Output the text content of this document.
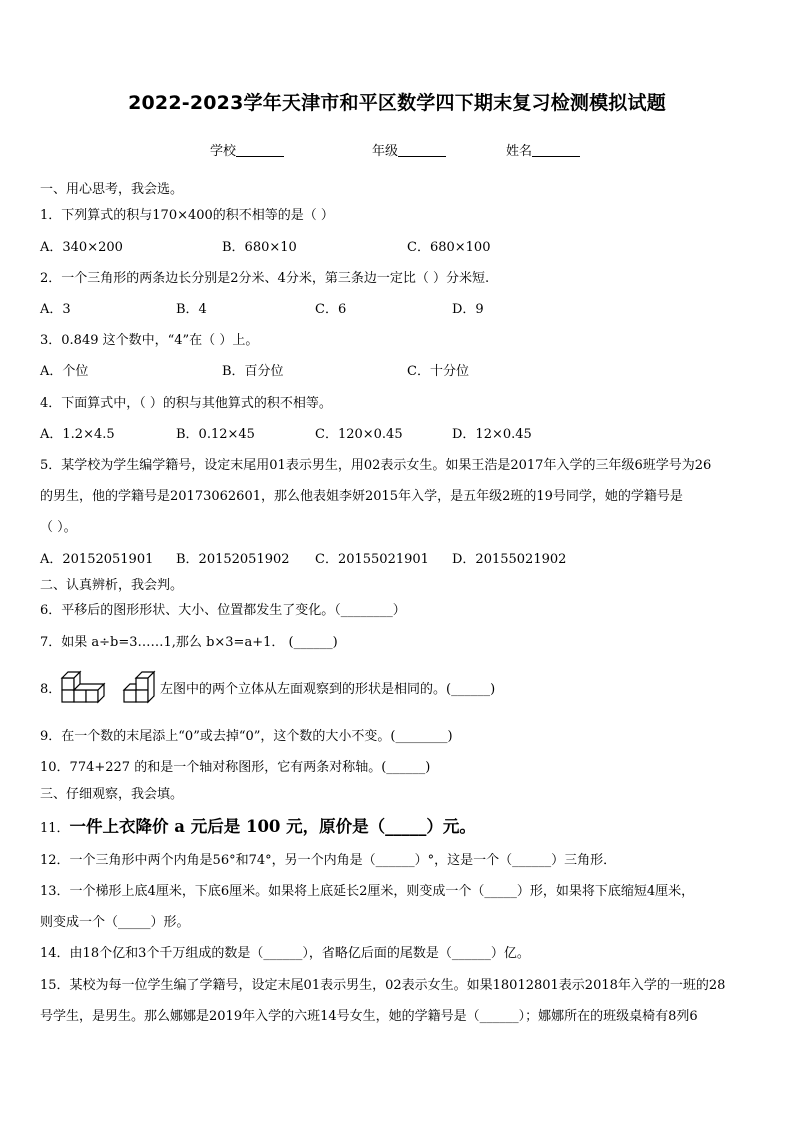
2022-2023学年天津市和平区数学四下期末复习检测模拟试题
学校	年级	姓名
一、用心思考，我会选。
1．下列算式的积与170×400的积不相等的是（ ）
A．340×200	B．680×10	C．680×100
2．一个三角形的两条边长分别是2分米、4分米，第三条边一定比（ ）分米短.
A．3	B．4	C．6	D．9
3．0.849 这个数中，“4”在（ ）上。
A．个位	B．百分位	C．十分位
4．下面算式中，（ ）的积与其他算式的积不相等。
A．1.2×4.5	B．0.12×45	C．120×0.45	D．12×0.45
5．某学校为学生编学籍号，设定末尾用01表示男生，用02表示女生。如果王浩是2017年入学的三年级6班学号为26
的男生，他的学籍号是20173062601，那么他表姐李妍2015年入学，是五年级2班的19号同学，她的学籍号是
（ ）。
A．20152051901 B．20152051902 C．20155021901 D．20155021902
二、认真辨析，我会判。
6．平移后的图形形状、大小、位置都发生了变化。（________）
7．如果 a÷b=3……1,那么 b×3=a+1． (______)
8．	左图中的两个立体从左面观察到的形状是相同的。(______)
9．在一个数的末尾添上“0”或去掉“0”，这个数的大小不变。(________)
10．774+227 的和是一个轴对称图形，它有两条对称轴。(______)
三、仔细观察，我会填。
11．一件上衣降价 a 元后是 100 元，原价是（_____）元。
12．一个三角形中两个内角是56°和74°，另一个内角是（______）°，这是一个（______）三角形．
13．一个梯形上底4厘米，下底6厘米。如果将上底延长2厘米，则变成一个（_____）形，如果将下底缩短4厘米，
则变成一个（_____）形。
14．由18个亿和3个千万组成的数是（______），省略亿后面的尾数是（______）亿。
15．某校为每一位学生编了学籍号，设定末尾01表示男生，02表示女生。如果18012801表示2018年入学的一班的28
号学生，是男生。那么娜娜是2019年入学的六班14号女生，她的学籍号是（______）；娜娜所在的班级桌椅有8列6
